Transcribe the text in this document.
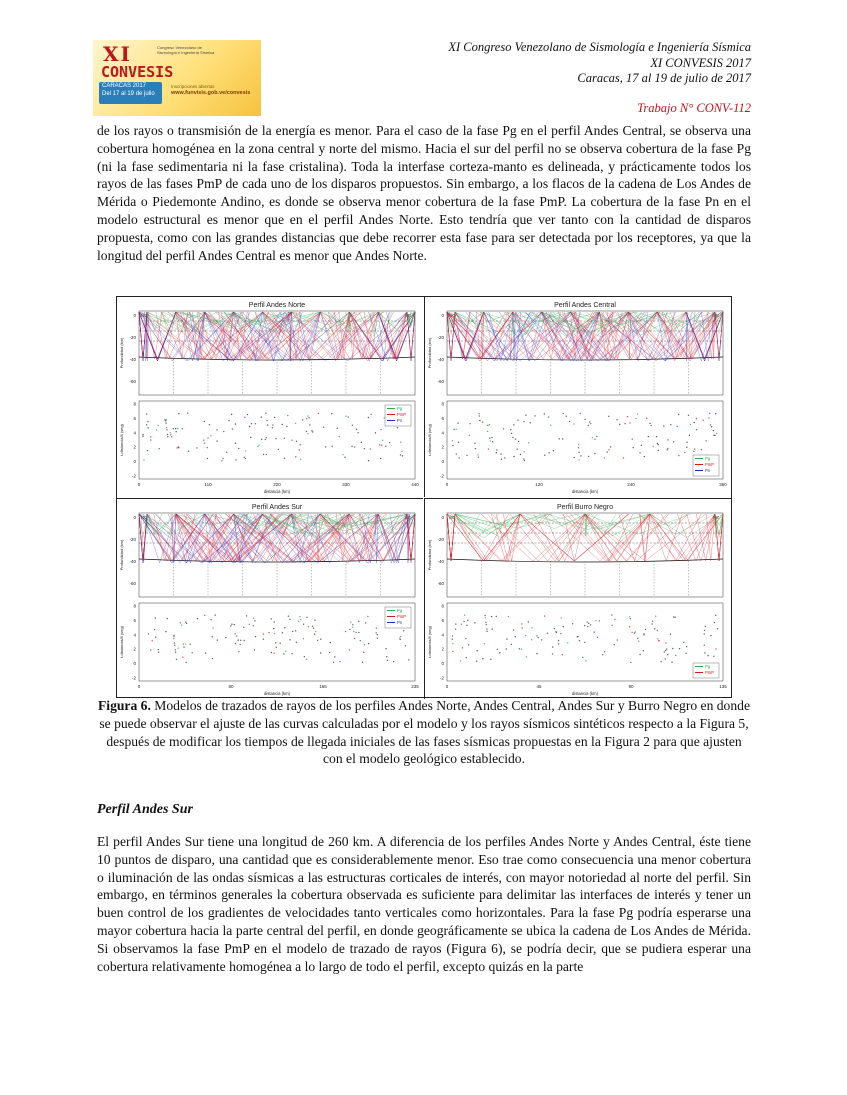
XI
CONVESIS
Congreso Venezolano de Sismología e Ingeniería Sísmica
CARACAS 2017
Del 17 al 19 de julio
Inscripciones abiertas
www.funvisis.gob.ve/convesis
XI Congreso Venezolano de Sismología e Ingeniería Sísmica
XI CONVESIS 2017
Caracas, 17 al 19 de julio de 2017
Trabajo N° CONV-112

de los rayos o transmisión de la energía es menor. Para el caso de la fase Pg en el perfil Andes Central, se observa una cobertura homogénea en la zona central y norte del mismo. Hacia el sur del perfil no se observa cobertura de la fase Pg (ni la fase sedimentaria ni la fase cristalina). Toda la interfase corteza-manto es delineada, y prácticamente todos los rayos de las fases PmP de cada uno de los disparos propuestos. Sin embargo, a los flacos de la cadena de Los Andes de Mérida o Piedemonte Andino, es donde se observa menor cobertura de la fase PmP. La cobertura de la fase Pn en el modelo estructural es menor que en el perfil Andes Norte. Esto tendría que ver tanto con la cantidad de disparos propuesta, como con las grandes distancias que debe recorrer esta fase para ser detectada por los receptores, ya que la longitud del perfil Andes Central es menor que Andes Norte.

Perfil Andes Norte
NO	SE
0
-20
-40
-60
Profundidad (km)
8
6
4
2
0
-2
t-distancia/8 (seg)
0	110	220	330	440
distancia (km)
Pg
PmP
Pn
Perfil Andes Central
NO	SE
0
-20
-40
-60
Profundidad (km)
8
6
4
2
0
-2
t-distancia/8 (seg)
0	120	240	360
distancia (km)
Pg
PmP
Pn
Perfil Andes Sur
NO	SE
0
-20
-40
-60
Profundidad (km)
8
6
4
2
0
-2
t-distancia/8 (seg)
0	80	165	235
distancia (km)
Pg
PmP
Pn
Perfil Burro Negro
SO	NE
0
-20
-40
-60
Profundidad (km)
8
6
4
2
0
-2
t-distancia/8 (seg)
0	45	90	135
distancia (km)
Pg
PmP
Figura 6. Modelos de trazados de rayos de los perfiles Andes Norte, Andes Central, Andes Sur y Burro Negro en donde se puede observar el ajuste de las curvas calculadas por el modelo y los rayos sísmicos sintéticos respecto a la Figura 5, después de modificar los tiempos de llegada iniciales de las fases sísmicas propuestas en la Figura 2 para que ajusten con el modelo geológico establecido.
Perfil Andes Sur

El perfil Andes Sur tiene una longitud de 260 km. A diferencia de los perfiles Andes Norte y Andes Central, éste tiene 10 puntos de disparo, una cantidad que es considerablemente menor. Eso trae como consecuencia una menor cobertura o iluminación de las ondas sísmicas a las estructuras corticales de interés, con mayor notoriedad al norte del perfil. Sin embargo, en términos generales la cobertura observada es suficiente para delimitar las interfaces de interés y tener un buen control de los gradientes de velocidades tanto verticales como horizontales. Para la fase Pg podría esperarse una mayor cobertura hacia la parte central del perfil, en donde geográficamente se ubica la cadena de Los Andes de Mérida. Si observamos la fase PmP en el modelo de trazado de rayos (Figura 6), se podría decir, que se pudiera esperar una cobertura relativamente homogénea a lo largo de todo el perfil, excepto quizás en la parte
